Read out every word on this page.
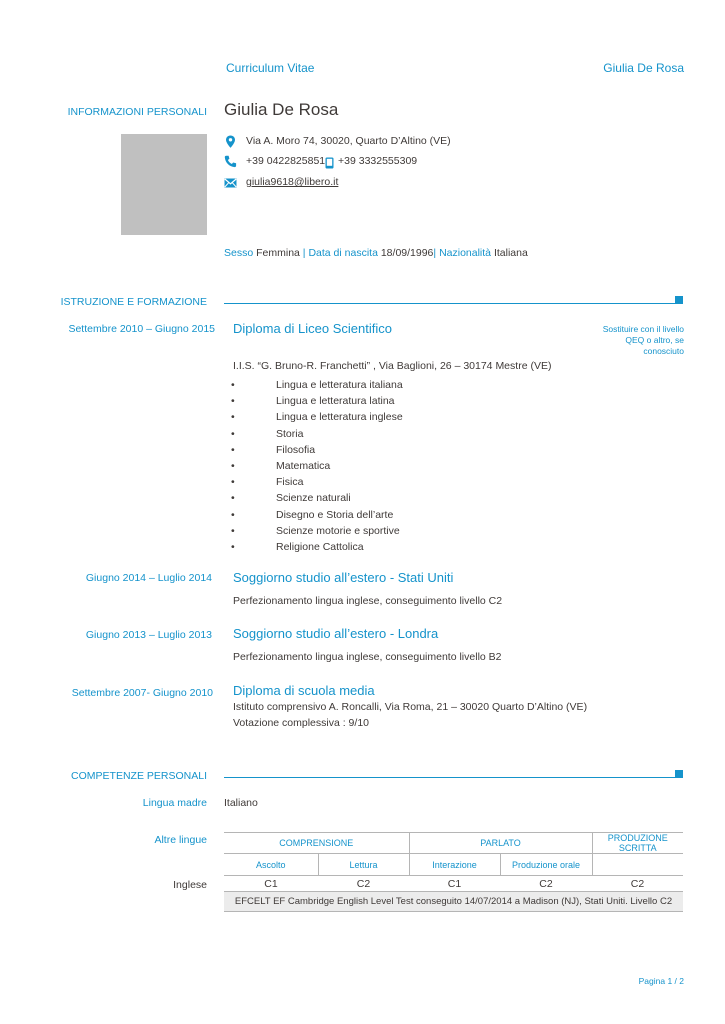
Curriculum Vitae	Giulia De Rosa
INFORMAZIONI PERSONALI Giulia De Rosa
Via A. Moro 74, 30020, Quarto D’Altino (VE)
+39 0422825851 +39 3332555309
giulia9618@libero.it
Sesso Femmina | Data di nascita 18/09/1996| Nazionalità Italiana
ISTRUZIONE E FORMAZIONE
Settembre 2010 – Giugno 2015 Diploma di Liceo Scientifico	Sostituire con il livello
QEQ o altro, se
conosciuto
I.I.S. “G. Bruno-R. Franchetti” , Via Baglioni, 26 – 30174 Mestre (VE)
•	Lingua e letteratura italiana
•	Lingua e letteratura latina
•	Lingua e letteratura inglese
•	Storia
•	Filosofia
•	Matematica
•	Fisica
•	Scienze naturali
•	Disegno e Storia dell’arte
•	Scienze motorie e sportive
•	Religione Cattolica
Giugno 2014 – Luglio 2014 Soggiorno studio all’estero - Stati Uniti
Perfezionamento lingua inglese, conseguimento livello C2
Giugno 2013 – Luglio 2013 Soggiorno studio all’estero - Londra
Perfezionamento lingua inglese, conseguimento livello B2
Settembre 2007- Giugno 2010 Diploma di scuola media
Istituto comprensivo A. Roncalli, Via Roma, 21 – 30020 Quarto D’Altino (VE)
Votazione complessiva : 9/10
COMPETENZE PERSONALI
Lingua madre Italiano
Altre lingue
Inglese
COMPRENSIONE		PARLATO		PRODUZIONE SCRITTA
Ascolto	Lettura	Interazione	Produzione orale	
C1	C2	C1	C2	C2
EFCELT EF Cambridge English Level Test conseguito 14/07/2014 a Madison (NJ), Stati Uniti. Livello C2				
Pagina 1 / 2
